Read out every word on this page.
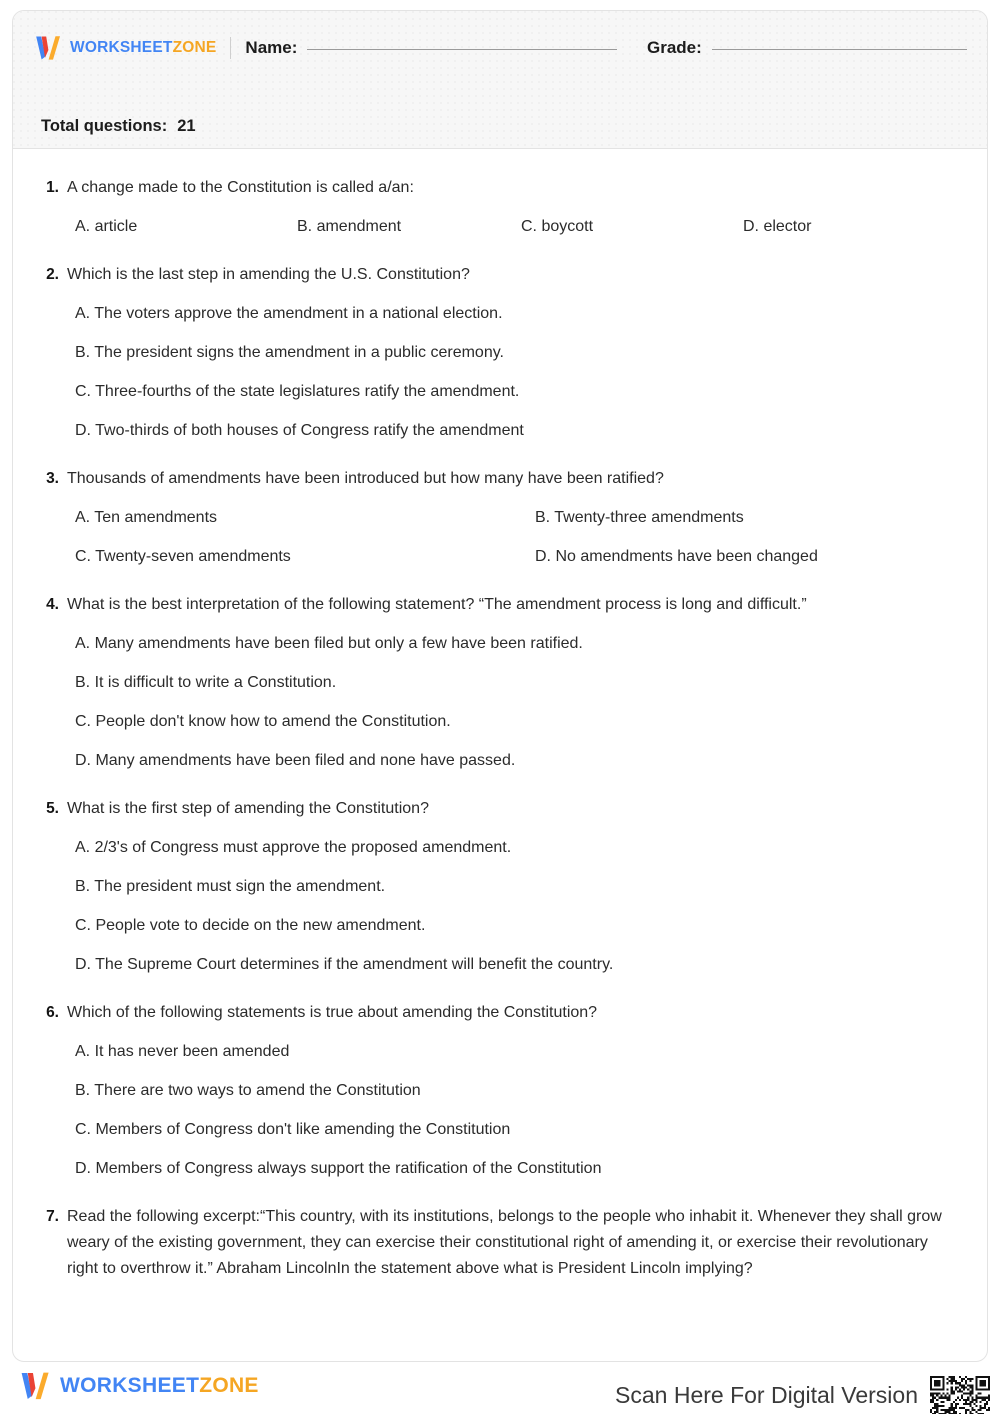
WORKSHEETZONE Name:	Grade:
Total questions: 21
1. A change made to the Constitution is called a/an:
A. article	B. amendment	C. boycott	D. elector
2. Which is the last step in amending the U.S. Constitution?
A. The voters approve the amendment in a national election.
B. The president signs the amendment in a public ceremony.
C. Three-fourths of the state legislatures ratify the amendment.
D. Two-thirds of both houses of Congress ratify the amendment
3. Thousands of amendments have been introduced but how many have been ratified?
A. Ten amendments	B. Twenty-three amendments
C. Twenty-seven amendments	D. No amendments have been changed
4. What is the best interpretation of the following statement? “The amendment process is long and difficult.”
A. Many amendments have been filed but only a few have been ratified.
B. It is difficult to write a Constitution.
C. People don't know how to amend the Constitution.
D. Many amendments have been filed and none have passed.
5. What is the first step of amending the Constitution?
A. 2/3's of Congress must approve the proposed amendment.
B. The president must sign the amendment.
C. People vote to decide on the new amendment.
D. The Supreme Court determines if the amendment will benefit the country.
6. Which of the following statements is true about amending the Constitution?
A. It has never been amended
B. There are two ways to amend the Constitution
C. Members of Congress don't like amending the Constitution
D. Members of Congress always support the ratification of the Constitution
7. Read the following excerpt:“This country, with its institutions, belongs to the people who inhabit it. Whenever they shall grow weary of the existing government, they can exercise their constitutional right of amending it, or exercise their revolutionary right to overthrow it.” Abraham LincolnIn the statement above what is President Lincoln implying?
WORKSHEETZONE	Scan Here For Digital Version
